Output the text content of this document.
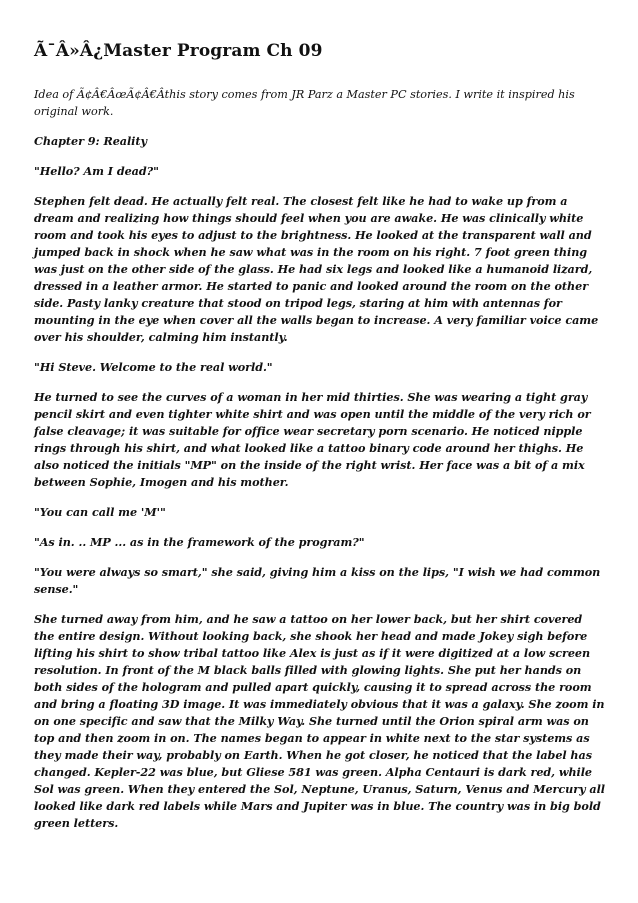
Ã¯Â»Â¿Master Program Ch 09

Idea of Ã¢Â€ÂœÃ¢Â€Âthis story comes from JR Parz a Master PC stories. I write it inspired his original work.

Chapter 9: Reality

"Hello? Am I dead?"

Stephen felt dead. He actually felt real. The closest felt like he had to wake up from a dream and realizing how things should feel when you are awake. He was clinically white room and took his eyes to adjust to the brightness. He looked at the transparent wall and jumped back in shock when he saw what was in the room on his right. 7 foot green thing was just on the other side of the glass. He had six legs and looked like a humanoid lizard, dressed in a leather armor. He started to panic and looked around the room on the other side. Pasty lanky creature that stood on tripod legs, staring at him with antennas for mounting in the eye when cover all the walls began to increase. A very familiar voice came over his shoulder, calming him instantly.

"Hi Steve. Welcome to the real world."

He turned to see the curves of a woman in her mid thirties. She was wearing a tight gray pencil skirt and even tighter white shirt and was open until the middle of the very rich or false cleavage; it was suitable for office wear secretary porn scenario. He noticed nipple rings through his shirt, and what looked like a tattoo binary code around her thighs. He also noticed the initials "MP" on the inside of the right wrist. Her face was a bit of a mix between Sophie, Imogen and his mother.

"You can call me 'M'"

"As in. .. MP ... as in the framework of the program?"

"You were always so smart," she said, giving him a kiss on the lips, "I wish we had common sense."

She turned away from him, and he saw a tattoo on her lower back, but her shirt covered the entire design. Without looking back, she shook her head and made Jokey sigh before lifting his shirt to show tribal tattoo like Alex is just as if it were digitized at a low screen resolution. In front of the M black balls filled with glowing lights. She put her hands on both sides of the hologram and pulled apart quickly, causing it to spread across the room and bring a floating 3D image. It was immediately obvious that it was a galaxy. She zoom in on one specific and saw that the Milky Way. She turned until the Orion spiral arm was on top and then zoom in on. The names began to appear in white next to the star systems as they made their way, probably on Earth. When he got closer, he noticed that the label has changed. Kepler-22 was blue, but Gliese 581 was green. Alpha Centauri is dark red, while Sol was green. When they entered the Sol, Neptune, Uranus, Saturn, Venus and Mercury all looked like dark red labels while Mars and Jupiter was in blue. The country was in big bold green letters.
